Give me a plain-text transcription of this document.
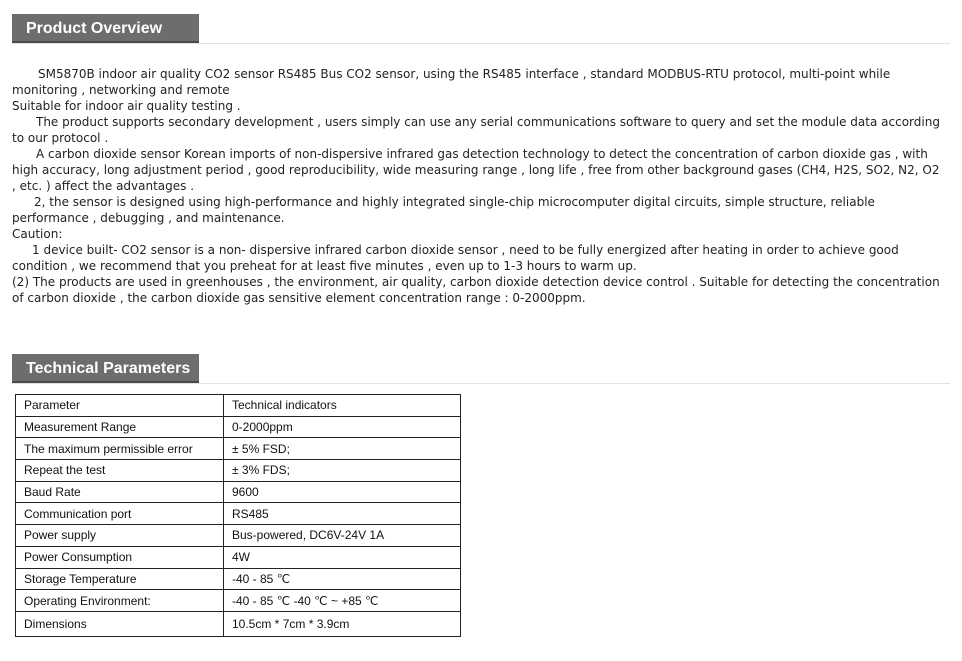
Product Overview

SM5870B indoor air quality CO2 sensor RS485 Bus CO2 sensor, using the RS485 interface , standard MODBUS-RTU protocol, multi-point while monitoring , networking and remote

Suitable for indoor air quality testing .

The product supports secondary development , users simply can use any serial communications software to query and set the module data according to our protocol .

A carbon dioxide sensor Korean imports of non-dispersive infrared gas detection technology to detect the concentration of carbon dioxide gas , with high accuracy, long adjustment period , good reproducibility, wide measuring range , long life , free from other background gases (CH4, H2S, SO2, N2, O2 , etc. ) affect the advantages .

2, the sensor is designed using high-performance and highly integrated single-chip microcomputer digital circuits, simple structure, reliable performance , debugging , and maintenance.

Caution:

1 device built- CO2 sensor is a non- dispersive infrared carbon dioxide sensor , need to be fully energized after heating in order to achieve good condition , we recommend that you preheat for at least five minutes , even up to 1-3 hours to warm up.

(2) The products are used in greenhouses , the environment, air quality, carbon dioxide detection device control . Suitable for detecting the concentration of carbon dioxide , the carbon dioxide gas sensitive element concentration range : 0-2000ppm.

Technical Parameters
Parameter	Technical indicators
Measurement Range	0-2000ppm
The maximum permissible error	± 5% FSD;
Repeat the test	± 3% FDS;
Baud Rate	9600
Communication port	RS485
Power supply	Bus-powered, DC6V-24V 1A
Power Consumption	4W
Storage Temperature	-40 - 85 ℃
Operating Environment:	-40 - 85 ℃ -40 ℃ ~ +85 ℃
Dimensions	10.5cm * 7cm * 3.9cm
